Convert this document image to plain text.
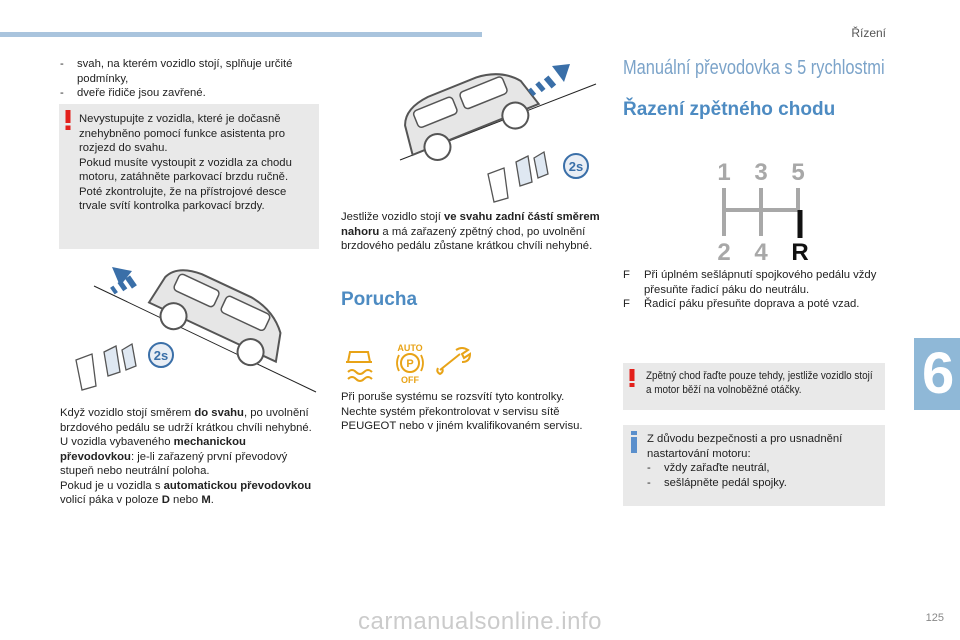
Řízení
6
125
- svah, na kterém vozidlo stojí, splňuje určité podmínky,
- dveře řidiče jsou zavřené.
Nevystupujte z vozidla, které je dočasně
znehybněno pomocí funkce asistenta pro
rozjezd do svahu.
Pokud musíte vystoupit z vozidla za chodu
motoru, zatáhněte parkovací brzdu ručně.
Poté zkontrolujte, že na přístrojové desce
trvale svítí kontrolka parkovací brzdy.
2s
Když vozidlo stojí směrem do svahu, po uvolnění brzdového pedálu se udrží krátkou chvíli nehybné.
U vozidla vybaveného mechanickou převodovkou: je-li zařazený první převodový stupeň nebo neutrální poloha.
Pokud je u vozidla s automatickou převodovkou volicí páka v poloze D nebo M.
2s
Jestliže vozidlo stojí ve svahu zadní částí směrem nahoru a má zařazený zpětný chod, po uvolnění brzdového pedálu zůstane krátkou chvíli nehybné.
Porucha
AUTO
P
OFF
Při poruše systému se rozsvítí tyto kontrolky. Nechte systém překontrolovat v servisu sítě PEUGEOT nebo v jiném kvalifikovaném servisu.
Manuální převodovka s 5 rychlostmi
Řazení zpětného chodu
1 3 5
2 4 R
F Při úplném sešlápnutí spojkového pedálu vždy přesuňte řadicí páku do neutrálu.
F Řadicí páku přesuňte doprava a poté vzad.
Zpětný chod řaďte pouze tehdy, jestliže vozidlo stojí a motor běží na volnoběžné otáčky.
Z důvodu bezpečnosti a pro usnadnění nastartování motoru:
- vždy zařaďte neutrál,
- sešlápněte pedál spojky.
carmanualsonline.info
